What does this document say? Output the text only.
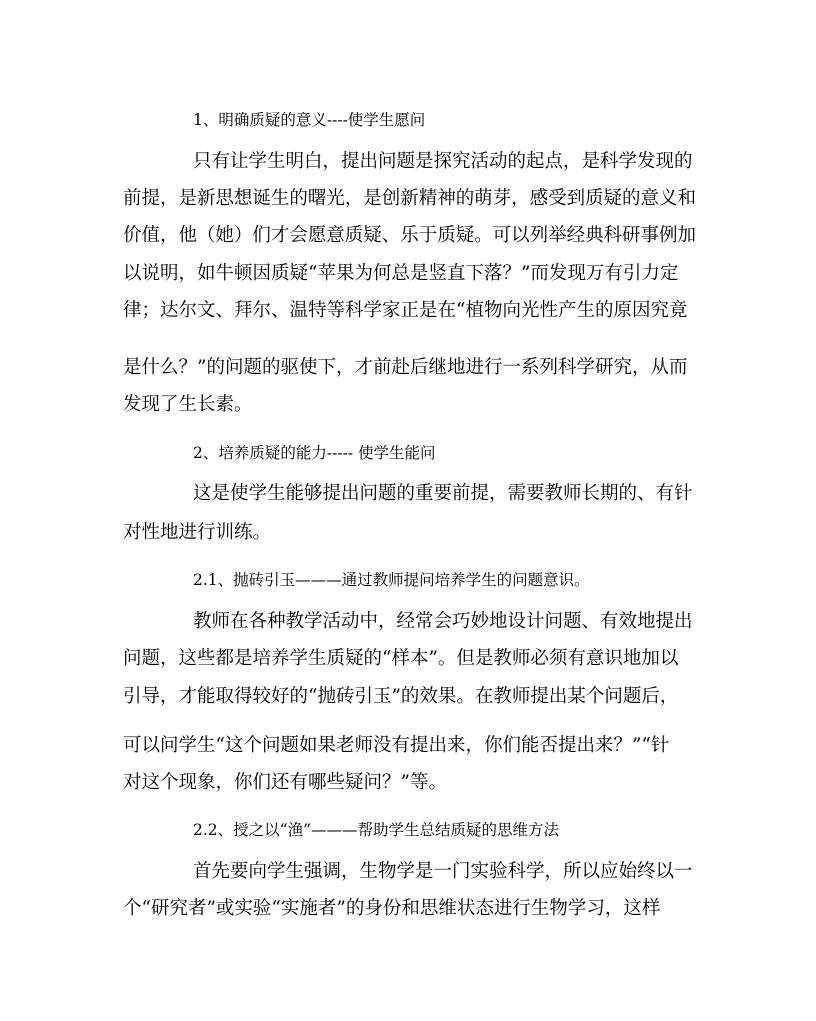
1、明确质疑的意义----使学生愿问
只有让学生明白，提出问题是探究活动的起点，是科学发现的
前提，是新思想诞生的曙光，是创新精神的萌芽，感受到质疑的意义和
价值，他（她）们才会愿意质疑、乐于质疑。可以列举经典科研事例加
以说明，如牛顿因质疑“苹果为何总是竖直下落？”而发现万有引力定
律；达尔文、拜尔、温特等科学家正是在“植物向光性产生的原因究竟
是什么？”的问题的驱使下，才前赴后继地进行一系列科学研究，从而
发现了生长素。
2、培养质疑的能力----- 使学生能问
这是使学生能够提出问题的重要前提，需要教师长期的、有针
对性地进行训练。
2.1、抛砖引玉———通过教师提问培养学生的问题意识。
教师在各种教学活动中，经常会巧妙地设计问题、有效地提出
问题，这些都是培养学生质疑的“样本”。但是教师必须有意识地加以
引导，才能取得较好的“抛砖引玉”的效果。在教师提出某个问题后，
可以问学生“这个问题如果老师没有提出来，你们能否提出来？”“针
对这个现象，你们还有哪些疑问？”等。
2.2、授之以“渔”———帮助学生总结质疑的思维方法
首先要向学生强调，生物学是一门实验科学，所以应始终以一
个“研究者”或实验“实施者”的身份和思维状态进行生物学习，这样
